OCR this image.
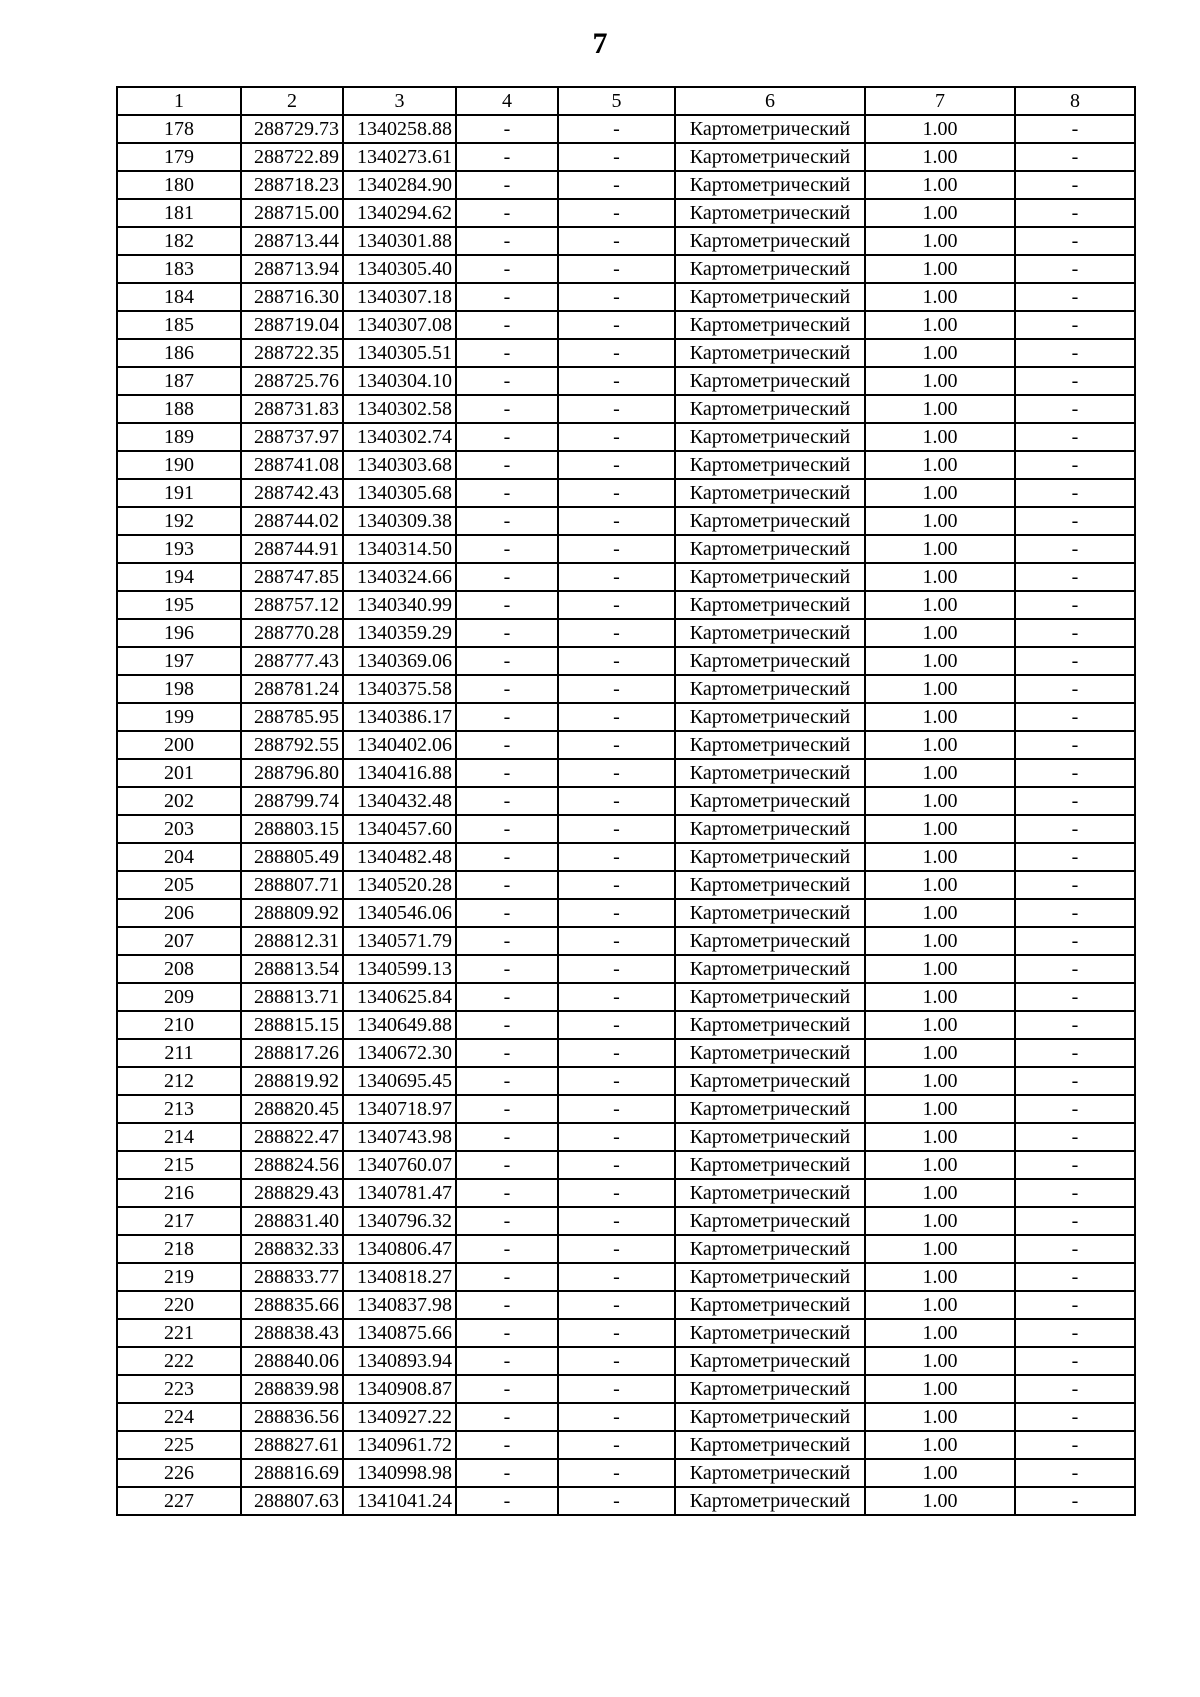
7
1	2	3	4	5	6	7	8
178	288729.73	1340258.88	-	-	Картометрический	1.00	-
179	288722.89	1340273.61	-	-	Картометрический	1.00	-
180	288718.23	1340284.90	-	-	Картометрический	1.00	-
181	288715.00	1340294.62	-	-	Картометрический	1.00	-
182	288713.44	1340301.88	-	-	Картометрический	1.00	-
183	288713.94	1340305.40	-	-	Картометрический	1.00	-
184	288716.30	1340307.18	-	-	Картометрический	1.00	-
185	288719.04	1340307.08	-	-	Картометрический	1.00	-
186	288722.35	1340305.51	-	-	Картометрический	1.00	-
187	288725.76	1340304.10	-	-	Картометрический	1.00	-
188	288731.83	1340302.58	-	-	Картометрический	1.00	-
189	288737.97	1340302.74	-	-	Картометрический	1.00	-
190	288741.08	1340303.68	-	-	Картометрический	1.00	-
191	288742.43	1340305.68	-	-	Картометрический	1.00	-
192	288744.02	1340309.38	-	-	Картометрический	1.00	-
193	288744.91	1340314.50	-	-	Картометрический	1.00	-
194	288747.85	1340324.66	-	-	Картометрический	1.00	-
195	288757.12	1340340.99	-	-	Картометрический	1.00	-
196	288770.28	1340359.29	-	-	Картометрический	1.00	-
197	288777.43	1340369.06	-	-	Картометрический	1.00	-
198	288781.24	1340375.58	-	-	Картометрический	1.00	-
199	288785.95	1340386.17	-	-	Картометрический	1.00	-
200	288792.55	1340402.06	-	-	Картометрический	1.00	-
201	288796.80	1340416.88	-	-	Картометрический	1.00	-
202	288799.74	1340432.48	-	-	Картометрический	1.00	-
203	288803.15	1340457.60	-	-	Картометрический	1.00	-
204	288805.49	1340482.48	-	-	Картометрический	1.00	-
205	288807.71	1340520.28	-	-	Картометрический	1.00	-
206	288809.92	1340546.06	-	-	Картометрический	1.00	-
207	288812.31	1340571.79	-	-	Картометрический	1.00	-
208	288813.54	1340599.13	-	-	Картометрический	1.00	-
209	288813.71	1340625.84	-	-	Картометрический	1.00	-
210	288815.15	1340649.88	-	-	Картометрический	1.00	-
211	288817.26	1340672.30	-	-	Картометрический	1.00	-
212	288819.92	1340695.45	-	-	Картометрический	1.00	-
213	288820.45	1340718.97	-	-	Картометрический	1.00	-
214	288822.47	1340743.98	-	-	Картометрический	1.00	-
215	288824.56	1340760.07	-	-	Картометрический	1.00	-
216	288829.43	1340781.47	-	-	Картометрический	1.00	-
217	288831.40	1340796.32	-	-	Картометрический	1.00	-
218	288832.33	1340806.47	-	-	Картометрический	1.00	-
219	288833.77	1340818.27	-	-	Картометрический	1.00	-
220	288835.66	1340837.98	-	-	Картометрический	1.00	-
221	288838.43	1340875.66	-	-	Картометрический	1.00	-
222	288840.06	1340893.94	-	-	Картометрический	1.00	-
223	288839.98	1340908.87	-	-	Картометрический	1.00	-
224	288836.56	1340927.22	-	-	Картометрический	1.00	-
225	288827.61	1340961.72	-	-	Картометрический	1.00	-
226	288816.69	1340998.98	-	-	Картометрический	1.00	-
227	288807.63	1341041.24	-	-	Картометрический	1.00	-
